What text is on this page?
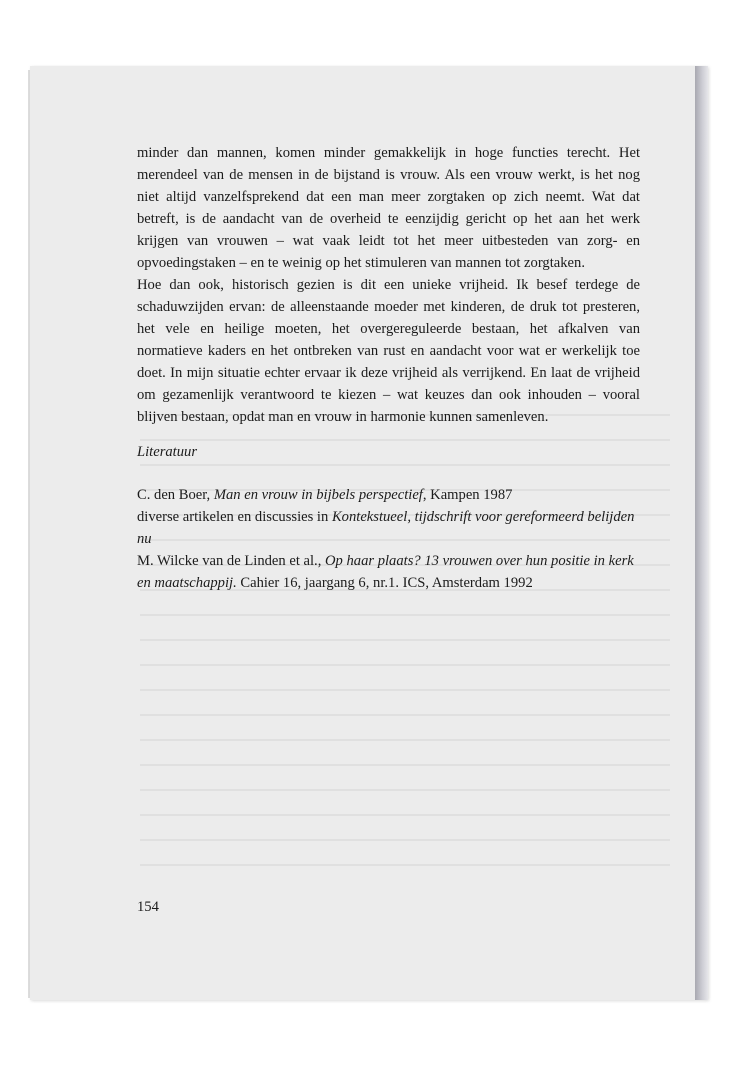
minder dan mannen, komen minder gemakkelijk in hoge functies terecht. Het merendeel van de mensen in de bijstand is vrouw. Als een vrouw werkt, is het nog niet altijd vanzelfsprekend dat een man meer zorgtaken op zich neemt. Wat dat betreft, is de aandacht van de overheid te eenzijdig gericht op het aan het werk krijgen van vrouwen – wat vaak leidt tot het meer uitbesteden van zorg- en opvoedingstaken – en te weinig op het stimuleren van mannen tot zorgtaken.

Hoe dan ook, historisch gezien is dit een unieke vrijheid. Ik besef terdege de schaduwzijden ervan: de alleenstaande moeder met kinderen, de druk tot presteren, het vele en heilige moeten, het overgereguleerde bestaan, het afkalven van normatieve kaders en het ontbreken van rust en aandacht voor wat er werkelijk toe doet. In mijn situatie echter ervaar ik deze vrijheid als verrijkend. En laat de vrijheid om gezamenlijk verantwoord te kiezen – wat keuzes dan ook inhouden – vooral blijven bestaan, opdat man en vrouw in harmonie kunnen samenleven.

Literatuur

C. den Boer, Man en vrouw in bijbels perspectief, Kampen 1987

diverse artikelen en discussies in Kontekstueel, tijdschrift voor gereformeerd belijden nu

M. Wilcke van de Linden et al., Op haar plaats? 13 vrouwen over hun positie in kerk en maatschappij. Cahier 16, jaargang 6, nr.1. ICS, Amsterdam 1992

154
